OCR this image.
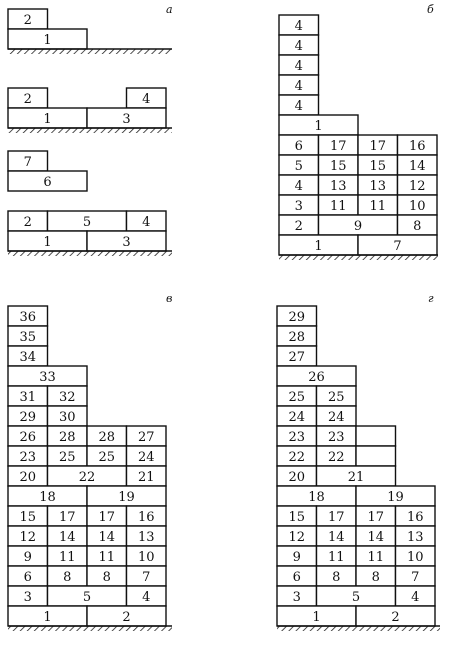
2
1
2	4
1	3
7
6
2	5	4
1	3
4
4
4
4
4
1
6 17 17 16
5 15 15 14
4 13 13 12
3 11 11 10
2	9	8
1	7
36
35
34
33
31 32
29 30
26 28 28 27
23 25 25 24
20	22	21
18	19
15 17 17 16
12 14 14 13
9 11 11 10
6 8 8 7
3	5	4
1	2
29
28
27
26
25 25
24 24
23 23
22 22
20	21
18	19
15 17 17 16
12 14 14 13
9 11 11 10
6 8 8 7
3	5	4
1	2
а	б
в	г
